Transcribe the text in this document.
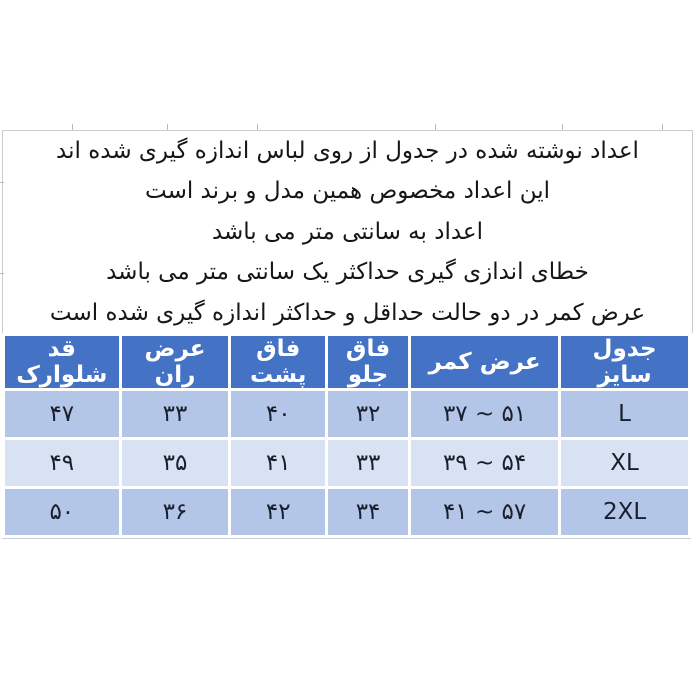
اعداد نوشته شده در جدول از روی لباس اندازه گیری شده اند

این اعداد مخصوص همین مدل و برند است

اعداد به سانتی متر می باشد

خطای اندازی گیری حداکثر یک سانتی متر می باشد

عرض کمر در دو حالت حداقل و حداکثر اندازه گیری شده است

جدول سایز	عرض کمر	فاق جلو	فاق پشت	عرض ران	قد شلوارک
L	۳۷ ~ ۵۱	۳۲	۴۰	۳۳	۴۷
XL	۳۹ ~ ۵۴	۳۳	۴۱	۳۵	۴۹
2XL	۴۱ ~ ۵۷	۳۴	۴۲	۳۶	۵۰
